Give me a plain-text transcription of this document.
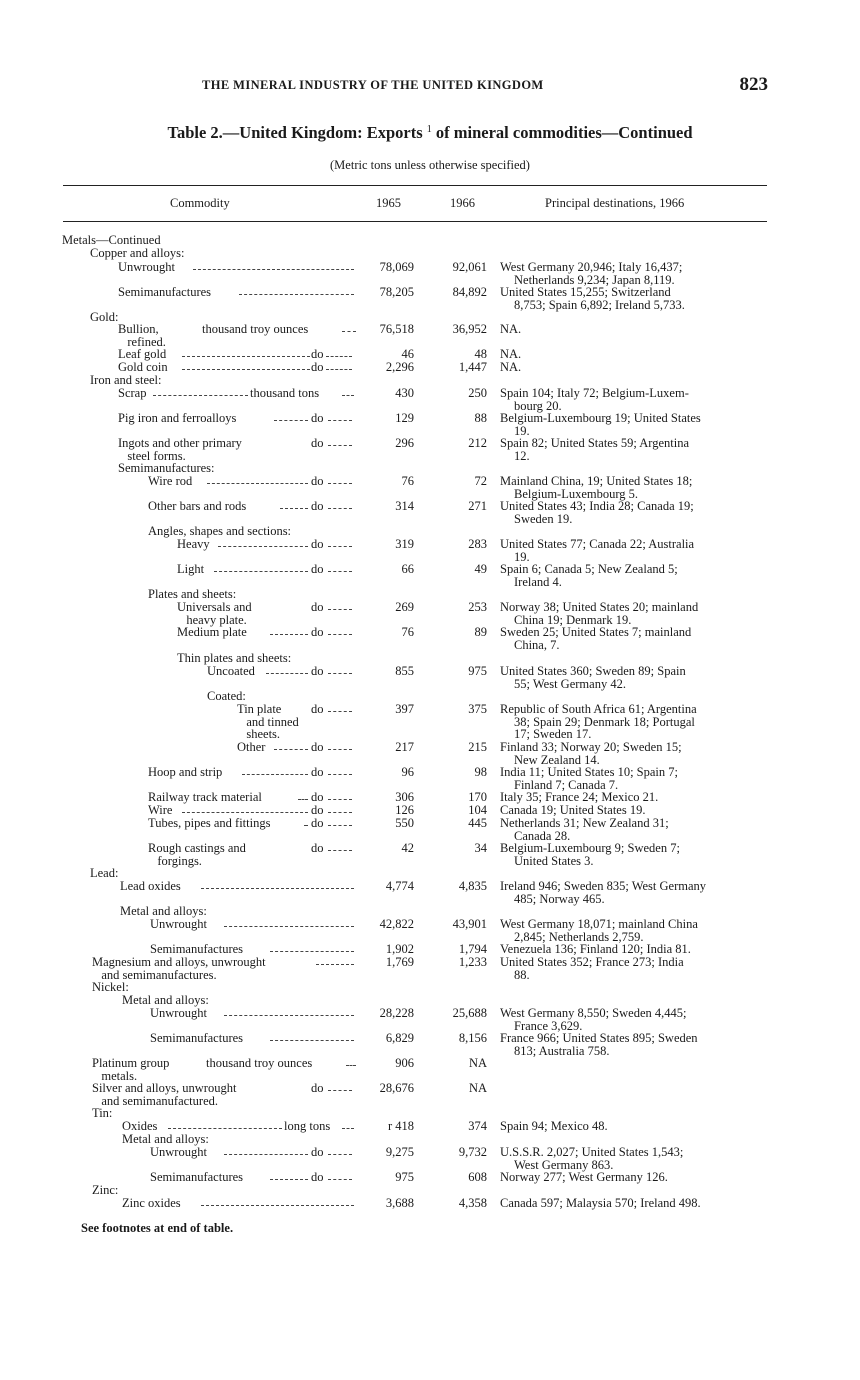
THE MINERAL INDUSTRY OF THE UNITED KINGDOM	823
Table 2.—United Kingdom: Exports $^1$ of mineral commodities—Continued
(Metric tons unless otherwise specified)
Commodity	1965	1966	Principal destinations, 1966
Metals—Continued
Copper and alloys:
Unwrought	78,069	92,061 West Germany 20,946; Italy 16,437;
Netherlands 9,234; Japan 8,119.
Semimanufactures	78,205	84,892 United States 15,255; Switzerland
8,753; Spain 6,892; Ireland 5,733.
Gold:
Bullion,
refined.
thousand troy ounces	76,518	36,952 NA.
Leaf gold	do	46	48 NA.
Gold coin	do	2,296	1,447 NA.
Iron and steel:
Scrap	thousand tons	430	250 Spain 104; Italy 72; Belgium-Luxem-
bourg 20.
Pig iron and ferroalloys	do	129	88 Belgium-Luxembourg 19; United States
19.
Ingots and other primary
steel forms.
do	296	212 Spain 82; United States 59; Argentina
12.
Semimanufactures:
Wire rod	do	76	72 Mainland China, 19; United States 18;
Belgium-Luxembourg 5.
Other bars and rods	do	314	271 United States 43; India 28; Canada 19;
Sweden 19.
Angles, shapes and sections:
Heavy	do	319	283 United States 77; Canada 22; Australia
19.
Light	do	66	49 Spain 6; Canada 5; New Zealand 5;
Ireland 4.
Plates and sheets:
Universals and
heavy plate.
do	269	253 Norway 38; United States 20; mainland
China 19; Denmark 19.
Medium plate	do	76	89 Sweden 25; United States 7; mainland
China, 7.
Thin plates and sheets:
Uncoated	do	855	975 United States 360; Sweden 89; Spain
55; West Germany 42.
Coated:
Tin plate
and tinned
sheets.
do	397	375 Republic of South Africa 61; Argentina
38; Spain 29; Denmark 18; Portugal
17; Sweden 17.
Other	do	217	215 Finland 33; Norway 20; Sweden 15;
New Zealand 14.
Hoop and strip	do	96	98 India 11; United States 10; Spain 7;
Finland 7; Canada 7.
Railway track material	do	306	170 Italy 35; France 24; Mexico 21.
Wire	do	126	104 Canada 19; United States 19.
Tubes, pipes and fittings	do	550	445 Netherlands 31; New Zealand 31;
Canada 28.
Rough castings and
forgings.
do	42	34 Belgium-Luxembourg 9; Sweden 7;
United States 3.
Lead:
Lead oxides	4,774	4,835 Ireland 946; Sweden 835; West Germany
485; Norway 465.
Metal and alloys:
Unwrought	42,822	43,901 West Germany 18,071; mainland China
2,845; Netherlands 2,759.
Semimanufactures	1,902	1,794 Venezuela 136; Finland 120; India 81.
Magnesium and alloys, unwrought
and semimanufactures.
1,769	1,233 United States 352; France 273; India
88.
Nickel:
Metal and alloys:
Unwrought	28,228	25,688 West Germany 8,550; Sweden 4,445;
France 3,629.
Semimanufactures	6,829	8,156 France 966; United States 895; Sweden
813; Australia 758.
Platinum group
metals.
thousand troy ounces	906	NA
Silver and alloys, unwrought
and semimanufactured.
do	28,676	NA
Tin:
Oxides	long tons	r 418	374 Spain 94; Mexico 48.
Metal and alloys:
Unwrought	do	9,275	9,732 U.S.S.R. 2,027; United States 1,543;
West Germany 863.
Semimanufactures	do	975	608 Norway 277; West Germany 126.
Zinc:
Zinc oxides	3,688	4,358 Canada 597; Malaysia 570; Ireland 498.
See footnotes at end of table.
